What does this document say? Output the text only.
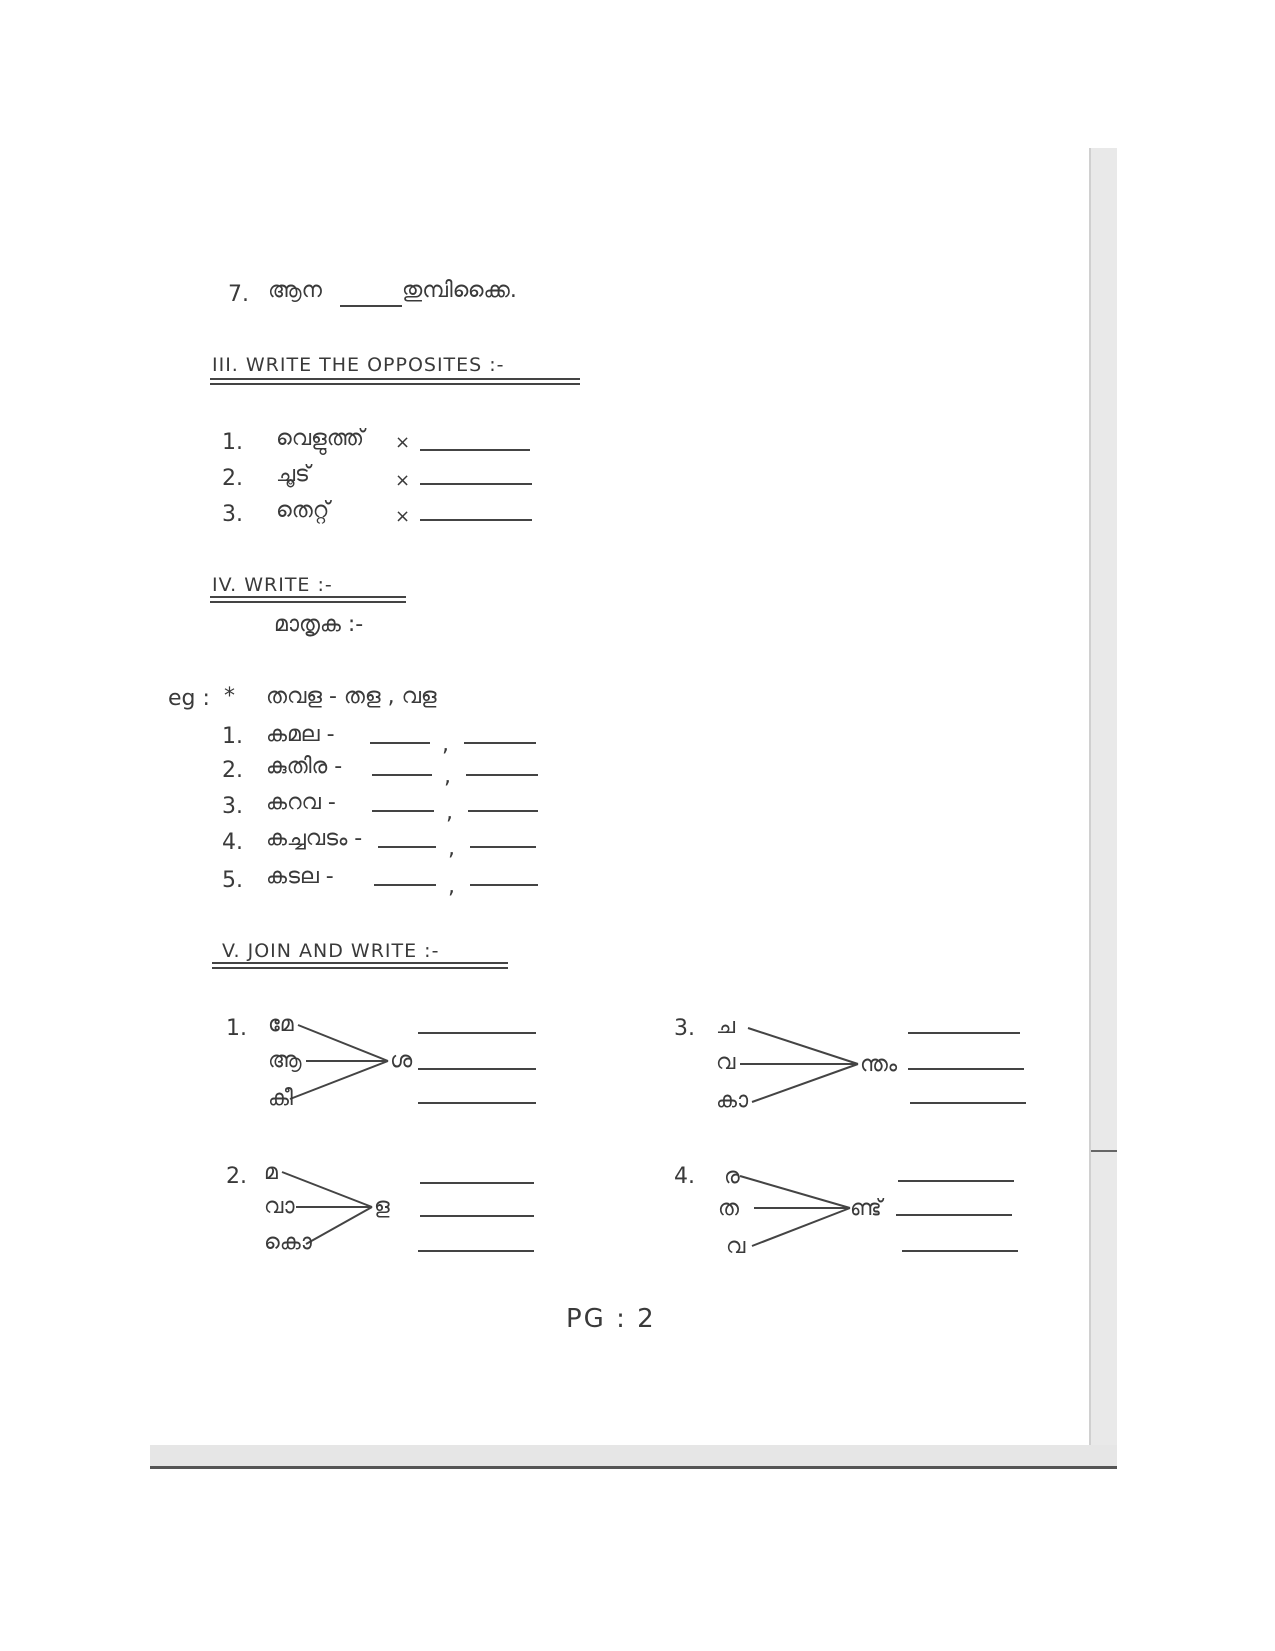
7. ആന	തുമ്പിക്കൈ.
III. WRITE THE OPPOSITES :-
1. വെളുത്ത് ×
2. ചൂട്	×
3. തെറ്റ്	×
IV. WRITE :-
മാതൃക :-
eg : * തവള - തള , വള
1. കമല -	,
2. കുതിര -	,
3. കറവ -	,
4. കച്ചവടം -	,
5. കടല -	,
V. JOIN AND WRITE :-
1. മേ
ആ
കീ
ശ
2. മ
വാ
കൊ
ള
3. ച
വ
കാ
ന്തം
4. ര
ത
വ
ണ്ട്
PG : 2
